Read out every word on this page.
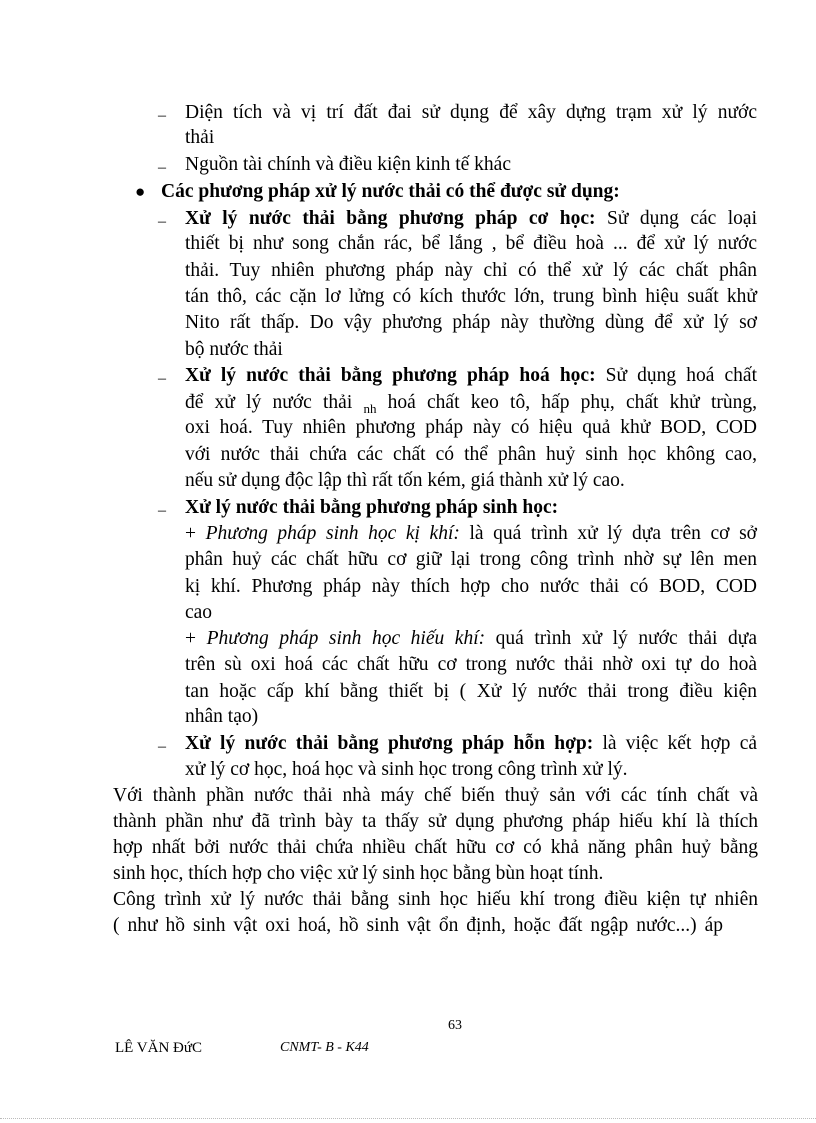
– Diện tích và vị trí đất đai sử dụng để xây dựng trạm xử lý nước
thải
– Nguồn tài chính và điều kiện kinh tế khác
● Các phương pháp xử lý nước thải có thể được sử dụng:
– Xử lý nước thải bằng phương pháp cơ học: Sử dụng các loại
thiết bị như song chắn rác, bể lắng , bể điều hoà ... để xử lý nước
thải. Tuy nhiên phương pháp này chỉ có thể xử lý các chất phân
tán thô, các cặn lơ lửng có kích thước lớn, trung bình hiệu suất khử
Nito rất thấp. Do vậy phương pháp này thường dùng để xử lý sơ
bộ nước thải
– Xử lý nước thải bằng phương pháp hoá học: Sử dụng hoá chất
để xử lý nước thải $_{nh}$ hoá chất keo tô, hấp phụ, chất khử trùng,
oxi hoá. Tuy nhiên phương pháp này có hiệu quả khử BOD, COD
với nước thải chứa các chất có thể phân huỷ sinh học không cao,
nếu sử dụng độc lập thì rất tốn kém, giá thành xử lý cao.
– Xử lý nước thải bằng phương pháp sinh học:
+ Phương pháp sinh học kị khí: là quá trình xử lý dựa trên cơ sở
phân huỷ các chất hữu cơ giữ lại trong công trình nhờ sự lên men
kị khí. Phương pháp này thích hợp cho nước thải có BOD, COD
cao
+ Phương pháp sinh học hiếu khí: quá trình xử lý nước thải dựa
trên sù oxi hoá các chất hữu cơ trong nước thải nhờ oxi tự do hoà
tan hoặc cấp khí bằng thiết bị ( Xử lý nước thải trong điều kiện
nhân tạo)
– Xử lý nước thải bằng phương pháp hỗn hợp: là việc kết hợp cả
xử lý cơ học, hoá học và sinh học trong công trình xử lý.
Với thành phần nước thải nhà máy chế biến thuỷ sản với các tính chất và
thành phần như đã trình bày ta thấy sử dụng phương pháp hiếu khí là thích
hợp nhất bởi nước thải chứa nhiều chất hữu cơ có khả năng phân huỷ bằng
sinh học, thích hợp cho việc xử lý sinh học bằng bùn hoạt tính.
Công trình xử lý nước thải bằng sinh học hiếu khí trong điều kiện tự nhiên
( như hồ sinh vật oxi hoá, hồ sinh vật ổn định, hoặc đất ngập nước...) áp
63
LÊ VĂN ĐứC	CNMT- B - K44
